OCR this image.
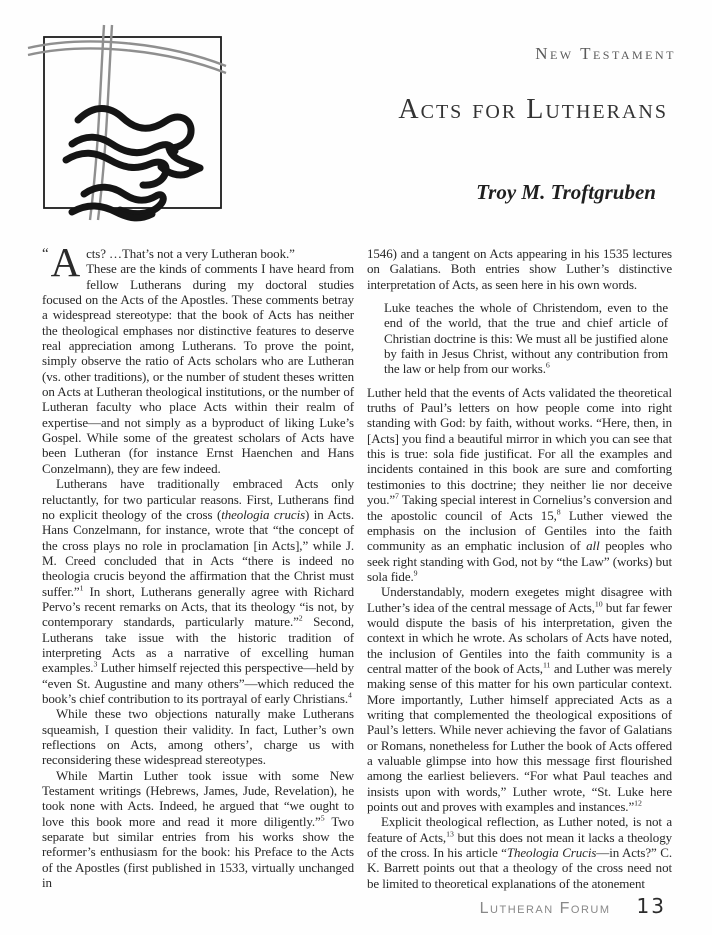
New Testament
Acts for Lutherans
Troy M. Troftgruben

“A cts? …That’s not a very Lutheran book.”
These are the kinds of comments I have heard from fellow Lutherans during my doctoral studies focused on the Acts of the Apostles. These comments betray a widespread stereotype: that the book of Acts has neither the theological emphases nor distinctive features to deserve real appreciation among Lutherans. To prove the point, simply observe the ratio of Acts scholars who are Lutheran (vs. other traditions), or the number of student theses written on Acts at Lutheran theological institutions, or the number of Lutheran faculty who place Acts within their realm of expertise—and not simply as a byproduct of liking Luke’s Gospel. While some of the greatest scholars of Acts have been Lutheran (for instance Ernst Haenchen and Hans Conzelmann), they are few indeed.

Lutherans have traditionally embraced Acts only reluctantly, for two particular reasons. First, Lutherans find no explicit theology of the cross (theologia crucis) in Acts. Hans Conzelmann, for instance, wrote that “the concept of the cross plays no role in proclamation [in Acts],” while J. M. Creed concluded that in Acts “there is indeed no theologia crucis beyond the affirmation that the Christ must suffer.”$^1$ In short, Lutherans generally agree with Richard Pervo’s recent remarks on Acts, that its theology “is not, by contemporary standards, particularly mature.”$^2$ Second, Lutherans take issue with the historic tradition of interpreting Acts as a narrative of excelling human examples.$^3$ Luther himself rejected this perspective—held by “even St. Augustine and many others”—which reduced the book’s chief contribution to its portrayal of early Christians.$^4$

While these two objections naturally make Lutherans squeamish, I question their validity. In fact, Luther’s own reflections on Acts, among others’, charge us with reconsidering these widespread stereotypes.

While Martin Luther took issue with some New Testament writings (Hebrews, James, Jude, Revelation), he took none with Acts. Indeed, he argued that “we ought to love this book more and read it more diligently.”$^5$ Two separate but similar entries from his works show the reformer’s enthusiasm for the book: his Preface to the Acts of the Apostles (first published in 1533, virtually unchanged in

1546) and a tangent on Acts appearing in his 1535 lectures on Galatians. Both entries show Luther’s distinctive interpretation of Acts, as seen here in his own words.

Luke teaches the whole of Christendom, even to the end of the world, that the true and chief article of Christian doctrine is this: We must all be justified alone by faith in Jesus Christ, without any contribution from the law or help from our works.$^6$

Luther held that the events of Acts validated the theoretical truths of Paul’s letters on how people come into right standing with God: by faith, without works. “Here, then, in [Acts] you find a beautiful mirror in which you can see that this is true: sola fide justificat. For all the examples and incidents contained in this book are sure and comforting testimonies to this doctrine; they neither lie nor deceive you.”$^7$ Taking special interest in Cornelius’s conversion and the apostolic council of Acts 15,$^8$ Luther viewed the emphasis on the inclusion of Gentiles into the faith community as an emphatic inclusion of all peoples who seek right standing with God, not by “the Law” (works) but sola fide.$^9$

Understandably, modern exegetes might disagree with Luther’s idea of the central message of Acts,$^{10}$ but far fewer would dispute the basis of his interpretation, given the context in which he wrote. As scholars of Acts have noted, the inclusion of Gentiles into the faith community is a central matter of the book of Acts,$^{11}$ and Luther was merely making sense of this matter for his own particular context. More importantly, Luther himself appreciated Acts as a writing that complemented the theological expositions of Paul’s letters. While never achieving the favor of Galatians or Romans, nonetheless for Luther the book of Acts offered a valuable glimpse into how this message first flourished among the earliest believers. “For what Paul teaches and insists upon with words,” Luther wrote, “St. Luke here points out and proves with examples and instances.”$^{12}$

Explicit theological reflection, as Luther noted, is not a feature of Acts,$^{13}$ but this does not mean it lacks a theology of the cross. In his article “Theologia Crucis—in Acts?” C. K. Barrett points out that a theology of the cross need not be limited to theoretical explanations of the atonement

Lutheran Forum 13
